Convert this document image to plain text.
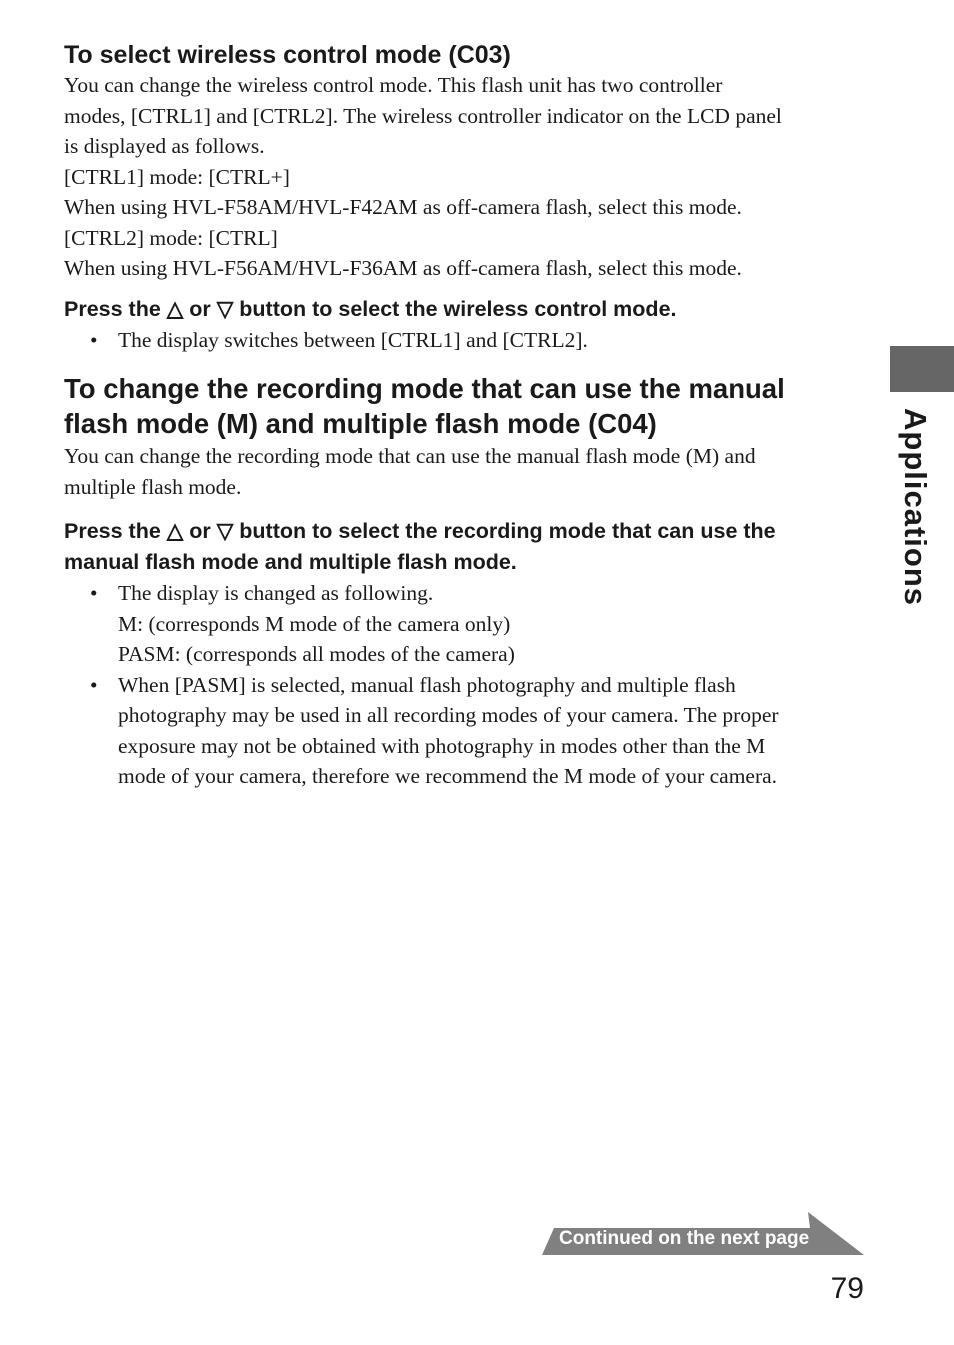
To select wireless control mode (C03)
You can change the wireless control mode. This flash unit has two controller
modes, [CTRL1] and [CTRL2]. The wireless controller indicator on the LCD panel
is displayed as follows.
[CTRL1] mode: [CTRL+]
When using HVL-F58AM/HVL-F42AM as off-camera flash, select this mode.
[CTRL2] mode: [CTRL]
When using HVL-F56AM/HVL-F36AM as off-camera flash, select this mode.
Press the △ or ▽ button to select the wireless control mode.
• The display switches between [CTRL1] and [CTRL2].
To change the recording mode that can use the manual
flash mode (M) and multiple flash mode (C04)
You can change the recording mode that can use the manual flash mode (M) and
multiple flash mode.
Press the △ or ▽ button to select the recording mode that can use the
manual flash mode and multiple flash mode.
• The display is changed as following.
M: (corresponds M mode of the camera only)
PASM: (corresponds all modes of the camera)
• When [PASM] is selected, manual flash photography and multiple flash
photography may be used in all recording modes of your camera. The proper
exposure may not be obtained with photography in modes other than the M
mode of your camera, therefore we recommend the M mode of your camera.
Applications
Continued on the next page
79
